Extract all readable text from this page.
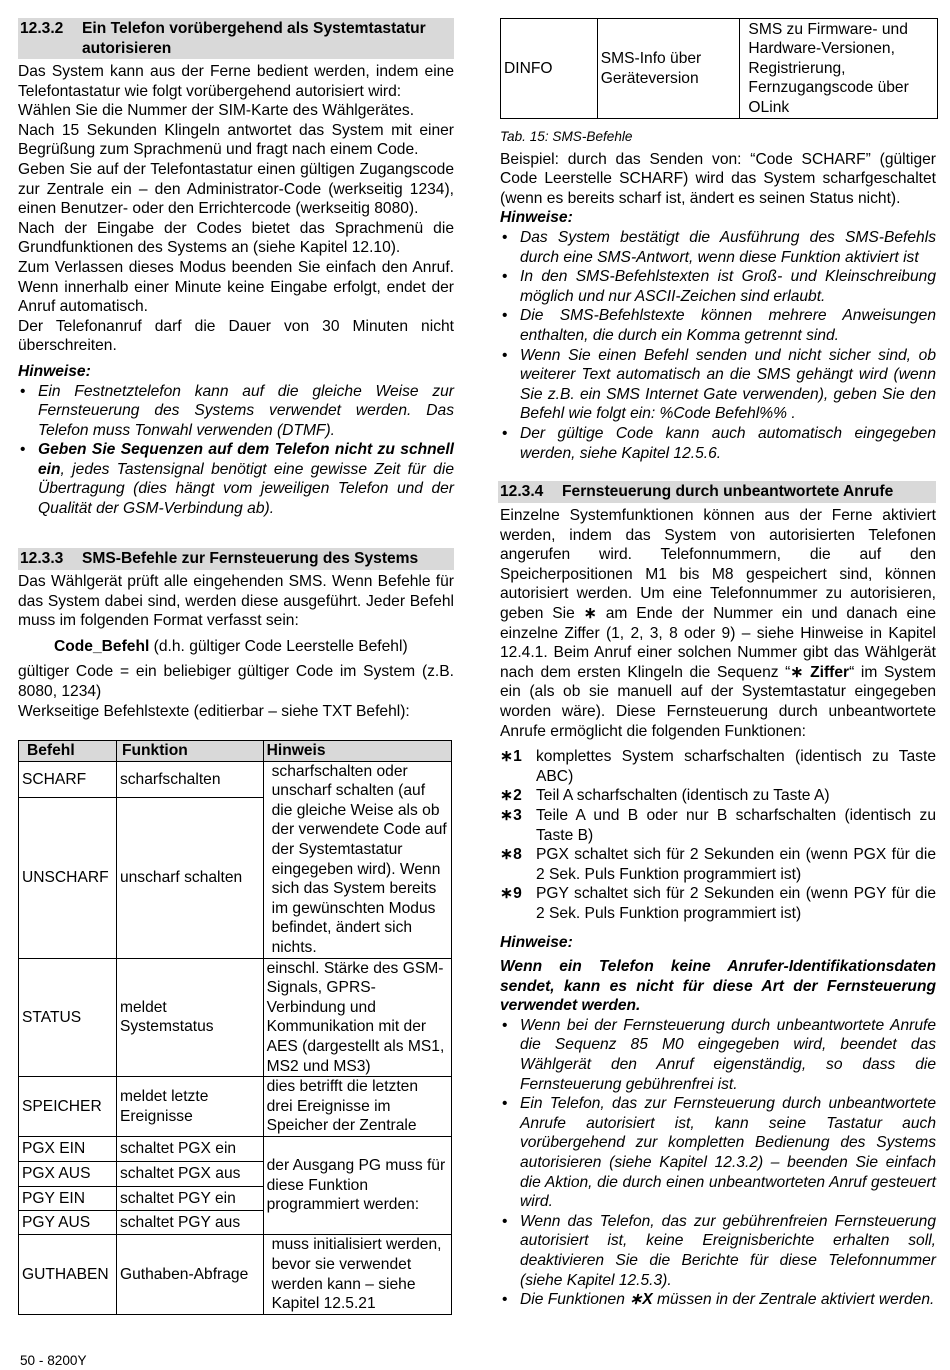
12.3.2	Ein Telefon vorübergehend als Systemtastatur autorisieren

Das System kann aus der Ferne bedient werden, indem eine Telefontastatur wie folgt vorübergehend autorisiert wird:

Wählen Sie die Nummer der SIM-Karte des Wählgerätes.

Nach 15 Sekunden Klingeln antwortet das System mit einer Begrüßung zum Sprachmenü und fragt nach einem Code.

Geben Sie auf der Telefontastatur einen gültigen Zugangscode zur Zentrale ein – den Administrator-Code (werkseitig 1234), einen Benutzer- oder den Errichtercode (werkseitig 8080).

Nach der Eingabe der Codes bietet das Sprachmenü die Grundfunktionen des Systems an (siehe Kapitel 12.10).

Zum Verlassen dieses Modus beenden Sie einfach den Anruf. Wenn innerhalb einer Minute keine Eingabe erfolgt, endet der Anruf automatisch.

Der Telefonanruf darf die Dauer von 30 Minuten nicht überschreiten.

Hinweise:

• Ein Festnetztelefon kann auf die gleiche Weise zur Fernsteuerung des Systems verwendet werden. Das Telefon muss Tonwahl verwenden (DTMF).
• Geben Sie Sequenzen auf dem Telefon nicht zu schnell ein, jedes Tastensignal benötigt eine gewisse Zeit für die Übertragung (dies hängt vom jeweiligen Telefon und der Qualität der GSM-Verbindung ab).
12.3.3	SMS-Befehle zur Fernsteuerung des Systems

Das Wählgerät prüft alle eingehenden SMS. Wenn Befehle für das System dabei sind, werden diese ausgeführt. Jeder Befehl muss im folgenden Format verfasst sein:

Code_Befehl (d.h. gültiger Code Leerstelle Befehl)

gültiger Code = ein beliebiger gültiger Code im System (z.B. 8080, 1234)

Werkseitige Befehlstexte (editierbar – siehe TXT Befehl):

Befehl	Funktion	Hinweis
SCHARF	scharfschalten	scharfschalten oder unscharf schalten (auf die gleiche Weise als ob der verwendete Code auf der Systemtastatur eingegeben wird). Wenn sich das System bereits im gewünschten Modus befindet, ändert sich nichts.
UNSCHARF	unscharf schalten	
STATUS	meldet Systemstatus	einschl. Stärke des GSM-Signals, GPRS-Verbindung und Kommunikation mit der AES (dargestellt als MS1, MS2 und MS3)
SPEICHER	meldet letzte Ereignisse	dies betrifft die letzten drei Ereignisse im Speicher der Zentrale
PGX EIN	schaltet PGX ein	der Ausgang PG muss für diese Funktion programmiert werden:
PGX AUS	schaltet PGX aus	
PGY EIN	schaltet PGY ein	
PGY AUS	schaltet PGY aus	
GUTHABEN	Guthaben-Abfrage	muss initialisiert werden, bevor sie verwendet werden kann – siehe Kapitel 12.5.21
DINFO	SMS-Info über Geräteversion	SMS zu Firmware- und Hardware-Versionen, Registrierung, Fernzugangscode über OLink

Tab. 15: SMS-Befehle

Beispiel: durch das Senden von: “Code SCHARF” (gültiger Code Leerstelle SCHARF) wird das System scharfgeschaltet (wenn es bereits scharf ist, ändert es seinen Status nicht).

Hinweise:

• Das System bestätigt die Ausführung des SMS-Befehls durch eine SMS-Antwort, wenn diese Funktion aktiviert ist
• In den SMS-Befehlstexten ist Groß- und Kleinschreibung möglich und nur ASCII-Zeichen sind erlaubt.
• Die SMS-Befehlstexte können mehrere Anweisungen enthalten, die durch ein Komma getrennt sind.
• Wenn Sie einen Befehl senden und nicht sicher sind, ob weiterer Text automatisch an die SMS gehängt wird (wenn Sie z.B. ein SMS Internet Gate verwenden), geben Sie den Befehl wie folgt ein: %Code Befehl%% .
• Der gültige Code kann auch automatisch eingegeben werden, siehe Kapitel 12.5.6.
12.3.4	Fernsteuerung durch unbeantwortete Anrufe

Einzelne Systemfunktionen können aus der Ferne aktiviert werden, indem das System von autorisierten Telefonen angerufen wird. Telefonnummern, die auf den Speicherpositionen M1 bis M8 gespeichert sind, können autorisiert werden. Um eine Telefonnummer zu autorisieren, geben Sie ∗ am Ende der Nummer ein und danach eine einzelne Ziffer (1, 2, 3, 8 oder 9) – siehe Hinweise in Kapitel 12.4.1. Beim Anruf einer solchen Nummer gibt das Wählgerät nach dem ersten Klingeln die Sequenz “∗ Ziffer“ im System ein (als ob sie manuell auf der Systemtastatur eingegeben worden wäre). Diese Fernsteuerung durch unbeantwortete Anrufe ermöglicht die folgenden Funktionen:

∗1 komplettes System scharfschalten (identisch zu Taste ABC)
∗2 Teil A scharfschalten (identisch zu Taste A)
∗3 Teile A und B oder nur B scharfschalten (identisch zu Taste B)
∗8 PGX schaltet sich für 2 Sekunden ein (wenn PGX für die 2 Sek. Puls Funktion programmiert ist)
∗9 PGY schaltet sich für 2 Sekunden ein (wenn PGY für die 2 Sek. Puls Funktion programmiert ist)

Hinweise:

Wenn ein Telefon keine Anrufer-Identifikationsdaten sendet, kann es nicht für diese Art der Fernsteuerung verwendet werden.

• Wenn bei der Fernsteuerung durch unbeantwortete Anrufe die Sequenz 85 M0 eingegeben wird, beendet das Wählgerät den Anruf eigenständig, so dass die Fernsteuerung gebührenfrei ist.
• Ein Telefon, das zur Fernsteuerung durch unbeantwortete Anrufe autorisiert ist, kann seine Tastatur auch vorübergehend zur kompletten Bedienung des Systems autorisieren (siehe Kapitel 12.3.2) – beenden Sie einfach die Aktion, die durch einen unbeantworteten Anruf gesteuert wird.
• Wenn das Telefon, das zur gebührenfreien Fernsteuerung autorisiert ist, keine Ereignisberichte erhalten soll, deaktivieren Sie die Berichte für diese Telefonnummer (siehe Kapitel 12.5.3).
• Die Funktionen ∗X müssen in der Zentrale aktiviert werden.
50 - 8200Y
